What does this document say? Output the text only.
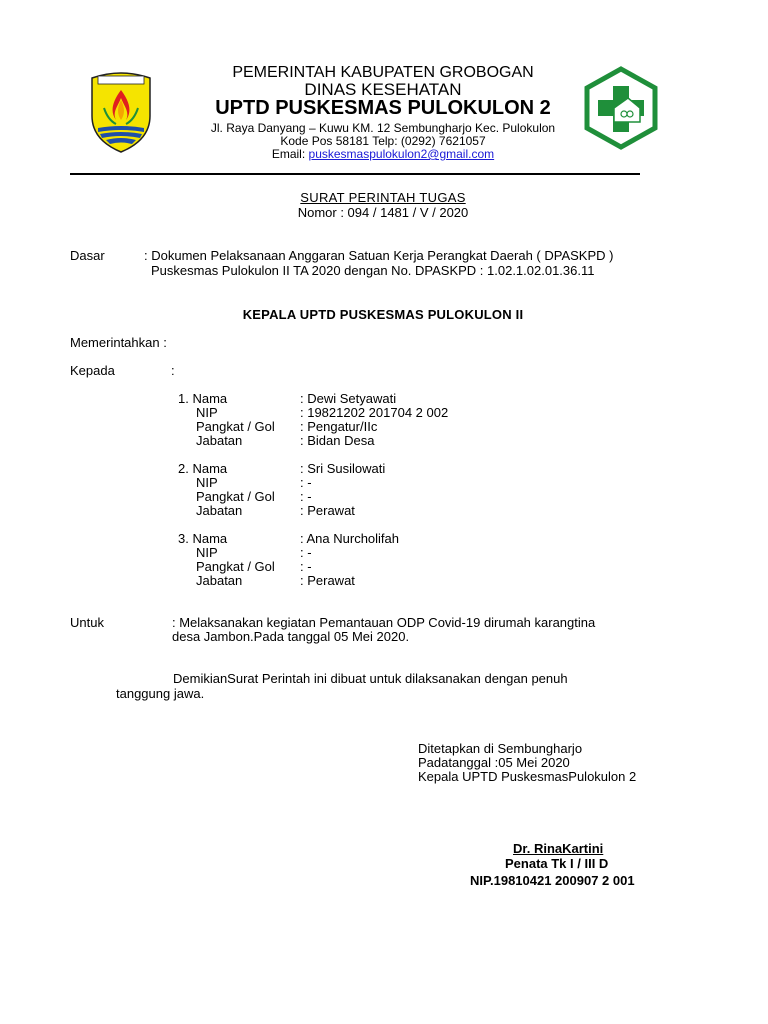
PEMERINTAH KABUPATEN GROBOGAN
DINAS KESEHATAN
UPTD PUSKESMAS PULOKULON 2
Jl. Raya Danyang – Kuwu KM. 12 Sembungharjo Kec. Pulokulon
Kode Pos 58181 Telp: (0292) 7621057
Email: puskesmaspulokulon2@gmail.com
SURAT PERINTAH TUGAS
Nomor : 094 / 1481 / V / 2020
Dasar	: Dokumen Pelaksanaan Anggaran Satuan Kerja Perangkat Daerah ( DPASKPD )
Puskesmas Pulokulon II TA 2020 dengan No. DPASKPD : 1.02.1.02.01.36.11
KEPALA UPTD PUSKESMAS PULOKULON II
Memerintahkan :
Kepada	:
1. Nama	: Dewi Setyawati
NIP	: 19821202 201704 2 002
Pangkat / Gol : Pengatur/IIc
Jabatan	: Bidan Desa
2. Nama	: Sri Susilowati
NIP	: -
Pangkat / Gol : -
Jabatan	: Perawat
3. Nama	: Ana Nurcholifah
NIP	: -
Pangkat / Gol : -
Jabatan	: Perawat
Untuk	: Melaksanakan kegiatan Pemantauan ODP Covid-19 dirumah karangtina
desa Jambon.Pada tanggal 05 Mei 2020.
DemikianSurat Perintah ini dibuat untuk dilaksanakan dengan penuh
tanggung jawa.
Ditetapkan di Sembungharjo
Padatanggal :05 Mei 2020
Kepala UPTD PuskesmasPulokulon 2
Dr. RinaKartini
Penata Tk I / III D
NIP.19810421 200907 2 001
